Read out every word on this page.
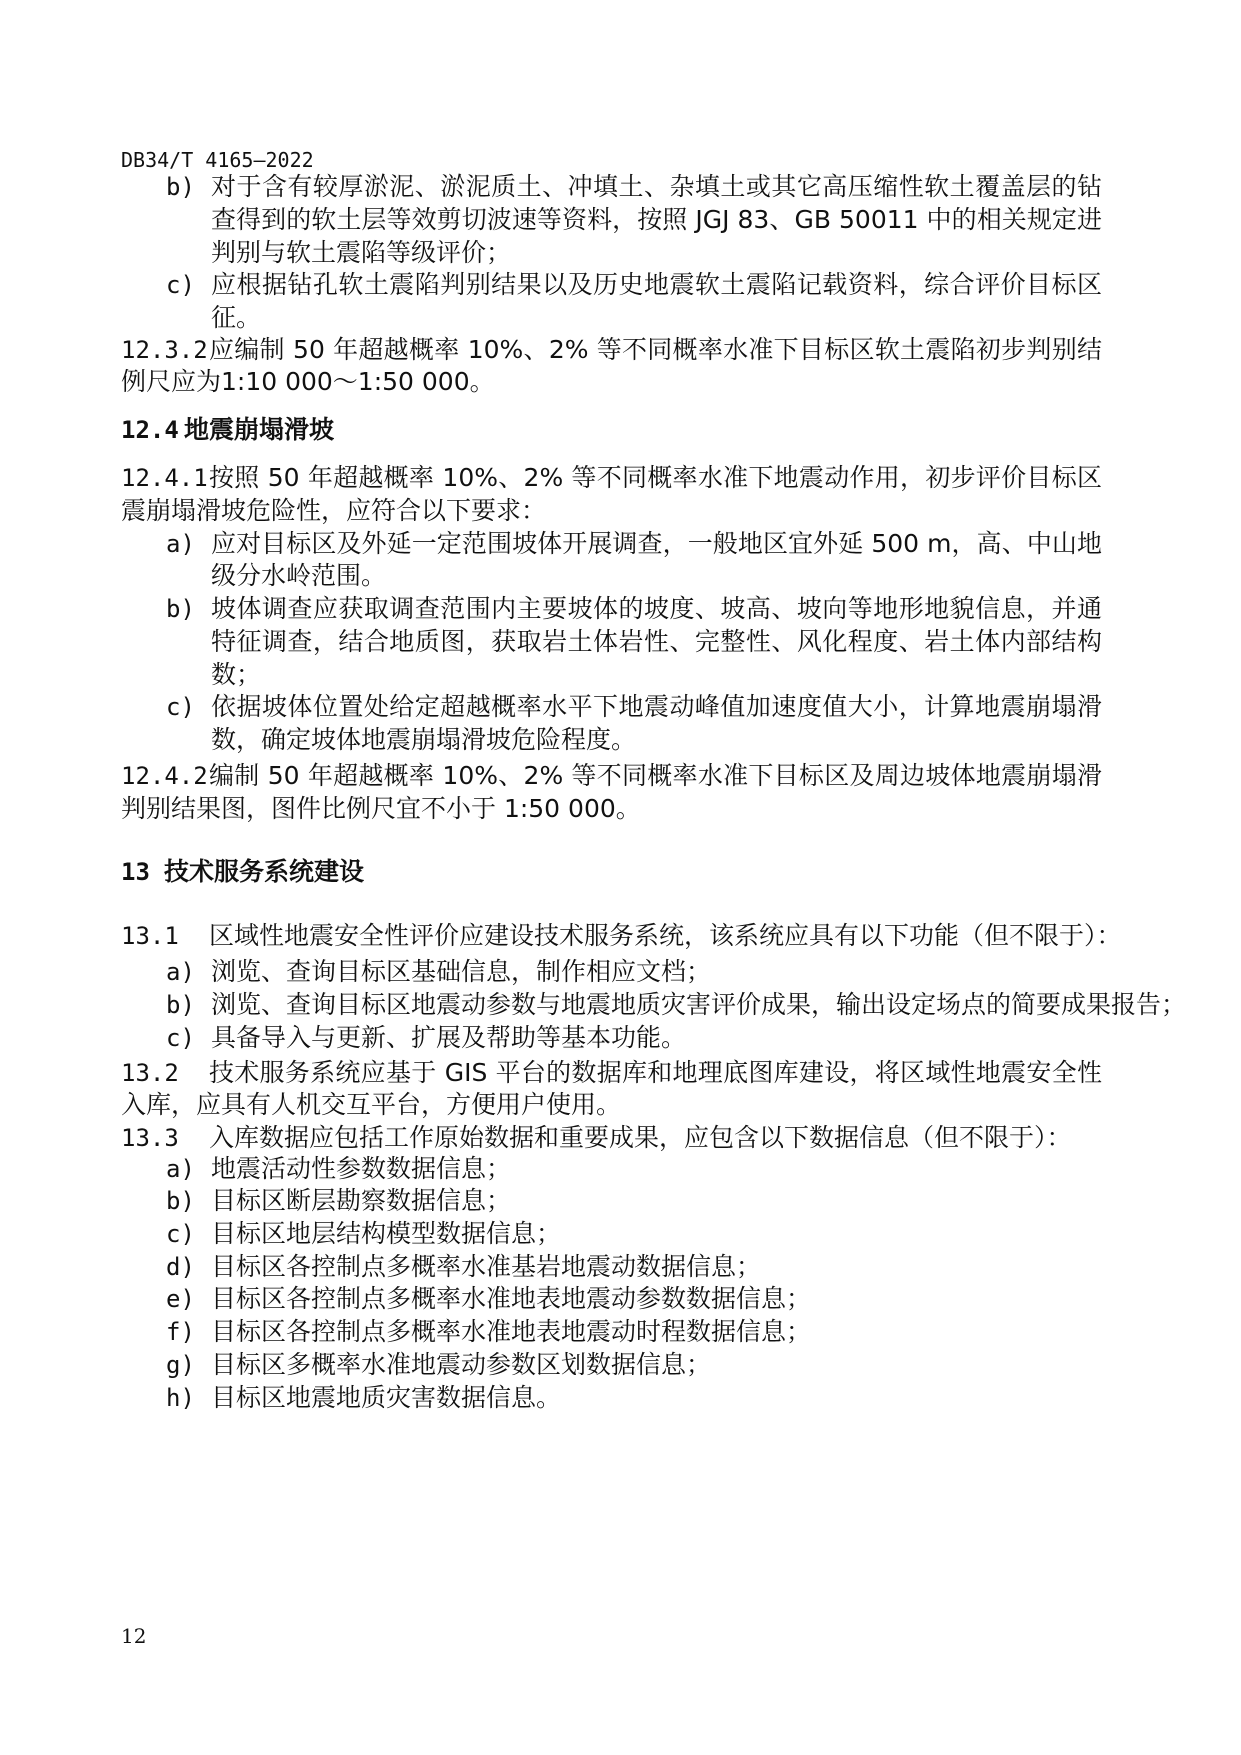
DB34/T 4165—2022
b) 对于含有较厚淤泥、淤泥质土、冲填土、杂填土或其它高压缩性软土覆盖层的钻
查得到的软土层等效剪切波速等资料，按照 JGJ 83、GB 50011 中的相关规定进
判别与软土震陷等级评价；
c) 应根据钻孔软土震陷判别结果以及历史地震软土震陷记载资料，综合评价目标区
征。
12.3.2 应编制 50 年超越概率 10%、2% 等不同概率水准下目标区软土震陷初步判别结
例尺应为1:10 000～1:50 000。
12.4 地震崩塌滑坡
12.4.1 按照 50 年超越概率 10%、2% 等不同概率水准下地震动作用，初步评价目标区
震崩塌滑坡危险性，应符合以下要求：
a) 应对目标区及外延一定范围坡体开展调查，一般地区宜外延 500 m，高、中山地
级分水岭范围。
b) 坡体调查应获取调查范围内主要坡体的坡度、坡高、坡向等地形地貌信息，并通
特征调查，结合地质图，获取岩土体岩性、完整性、风化程度、岩土体内部结构
数；
c) 依据坡体位置处给定超越概率水平下地震动峰值加速度值大小，计算地震崩塌滑
数，确定坡体地震崩塌滑坡危险程度。
12.4.2 编制 50 年超越概率 10%、2% 等不同概率水准下目标区及周边坡体地震崩塌滑
判别结果图，图件比例尺宜不小于 1:50 000。
13 技术服务系统建设
13.1 区域性地震安全性评价应建设技术服务系统，该系统应具有以下功能（但不限于）：
a) 浏览、查询目标区基础信息，制作相应文档；
b) 浏览、查询目标区地震动参数与地震地质灾害评价成果，输出设定场点的简要成果报告；
c) 具备导入与更新、扩展及帮助等基本功能。
13.2 技术服务系统应基于 GIS 平台的数据库和地理底图库建设，将区域性地震安全性
入库，应具有人机交互平台，方便用户使用。
13.3 入库数据应包括工作原始数据和重要成果，应包含以下数据信息（但不限于）：
a) 地震活动性参数数据信息；
b) 目标区断层勘察数据信息；
c) 目标区地层结构模型数据信息；
d) 目标区各控制点多概率水准基岩地震动数据信息；
e) 目标区各控制点多概率水准地表地震动参数数据信息；
f) 目标区各控制点多概率水准地表地震动时程数据信息；
g) 目标区多概率水准地震动参数区划数据信息；
h) 目标区地震地质灾害数据信息。
12
